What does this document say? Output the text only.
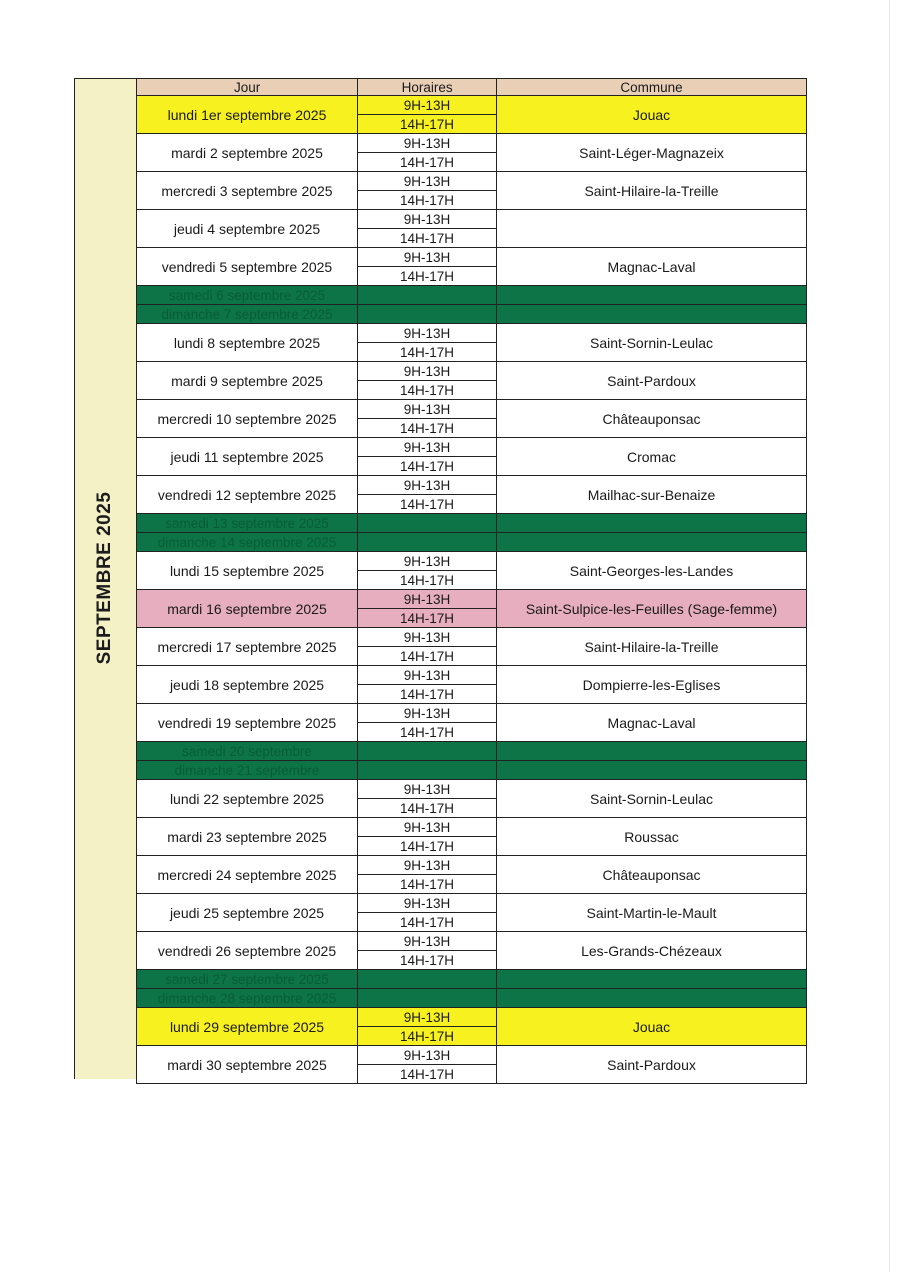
SEPTEMBRE 2025
Jour	Horaires	Commune
lundi 1er septembre 2025
9H-13H
14H-17H
Jouac
mardi 2 septembre 2025
9H-13H
14H-17H
Saint-Léger-Magnazeix
mercredi 3 septembre 2025
9H-13H
14H-17H
Saint-Hilaire-la-Treille
jeudi 4 septembre 2025
9H-13H
14H-17H
vendredi 5 septembre 2025
9H-13H
14H-17H
Magnac-Laval
samedi 6 septembre 2025
dimanche 7 septembre 2025
lundi 8 septembre 2025
9H-13H
14H-17H
Saint-Sornin-Leulac
mardi 9 septembre 2025
9H-13H
14H-17H
Saint-Pardoux
mercredi 10 septembre 2025
9H-13H
14H-17H
Châteauponsac
jeudi 11 septembre 2025
9H-13H
14H-17H
Cromac
vendredi 12 septembre 2025
9H-13H
14H-17H
Mailhac-sur-Benaize
samedi 13 septembre 2025
dimanche 14 septembre 2025
lundi 15 septembre 2025
9H-13H
14H-17H
Saint-Georges-les-Landes
mardi 16 septembre 2025
9H-13H
14H-17H
Saint-Sulpice-les-Feuilles (Sage-femme)
mercredi 17 septembre 2025
9H-13H
14H-17H
Saint-Hilaire-la-Treille
jeudi 18 septembre 2025
9H-13H
14H-17H
Dompierre-les-Eglises
vendredi 19 septembre 2025
9H-13H
14H-17H
Magnac-Laval
samedi 20 septembre
dimanche 21 septembre
lundi 22 septembre 2025
9H-13H
14H-17H
Saint-Sornin-Leulac
mardi 23 septembre 2025
9H-13H
14H-17H
Roussac
mercredi 24 septembre 2025
9H-13H
14H-17H
Châteauponsac
jeudi 25 septembre 2025
9H-13H
14H-17H
Saint-Martin-le-Mault
vendredi 26 septembre 2025
9H-13H
14H-17H
Les-Grands-Chézeaux
samedi 27 septembre 2025
dimanche 28 septembre 2025
lundi 29 septembre 2025
9H-13H
14H-17H
Jouac
mardi 30 septembre 2025
9H-13H
14H-17H
Saint-Pardoux
